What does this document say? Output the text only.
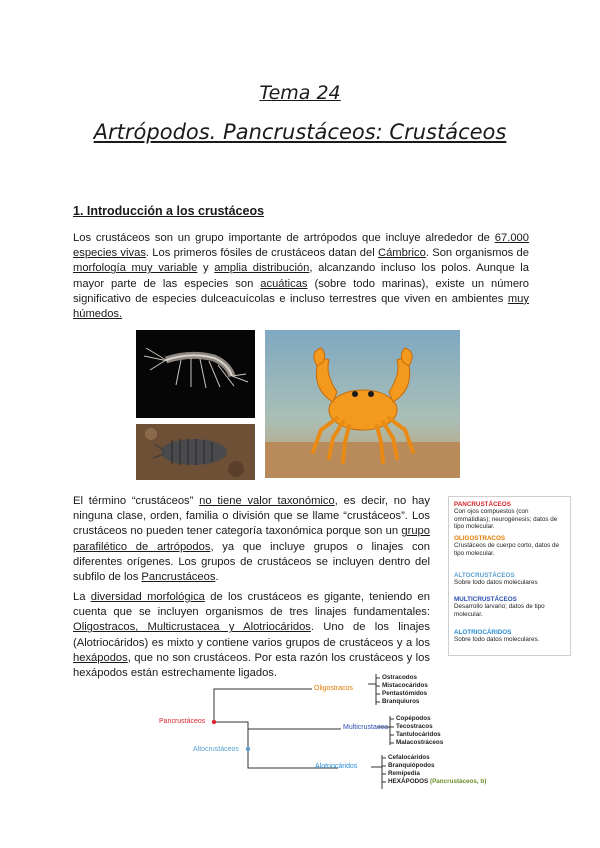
Tema 24
Artrópodos. Pancrustáceos: Crustáceos
1. Introducción a los crustáceos
Los crustáceos son un grupo importante de artrópodos que incluye alrededor de 67.000 especies vivas. Los primeros fósiles de crustáceos datan del Cámbrico. Son organismos de morfología muy variable y amplia distribución, alcanzando incluso los polos. Aunque la mayor parte de las especies son acuáticas (sobre todo marinas), existe un número significativo de especies dulceacuícolas e incluso terrestres que viven en ambientes muy húmedos.
El término “crustáceos” no tiene valor taxonómico, es decir, no hay ninguna clase, orden, familia o división que se llame “crustáceos”. Los crustáceos no pueden tener categoría taxonómica porque son un grupo parafilético de artrópodos, ya que incluye grupos o linajes con diferentes orígenes. Los grupos de crustáceos se incluyen dentro del subfilo de los Pancrustáceos.
La diversidad morfológica de los crustáceos es gigante, teniendo en cuenta que se incluyen organismos de tres linajes fundamentales: Oligostracos, Multicrustacea y Alotriocáridos. Uno de los linajes (Alotriocáridos) es mixto y contiene varios grupos de crustáceos y a los hexápodos, que no son crustáceos. Por esta razón los crustáceos y los hexápodos están estrechamente ligados.
PANCRUSTÁCEOS
Con ojos compuestos (con ommatidias); neurogénesis; datos de tipo molecular.
OLIGOSTRACOS
Crustáceos de cuerpo corto, datos de tipo molecular.
ALTOCRUSTÁCEOS
Sobre todo datos moleculares
MULTICRUSTÁCEOS
Desarrollo larvario; datos de tipo molecular.
ALOTRIOCÁRIDOS
Sobre todo datos moleculares.
Pancrustáceos
Altocrustáceos
Oligostracos
Multicrustacea
Alotriocáridos
Ostracodos
Mistacocáridos
Pentastómidos
Branquiuros
Copépodos
Tecostracos
Tantulocáridos
Malacostráceos
Cefalocáridos
Branquiópodos
Remípedia
HEXÁPODOS (Pancrustáceos, b)
